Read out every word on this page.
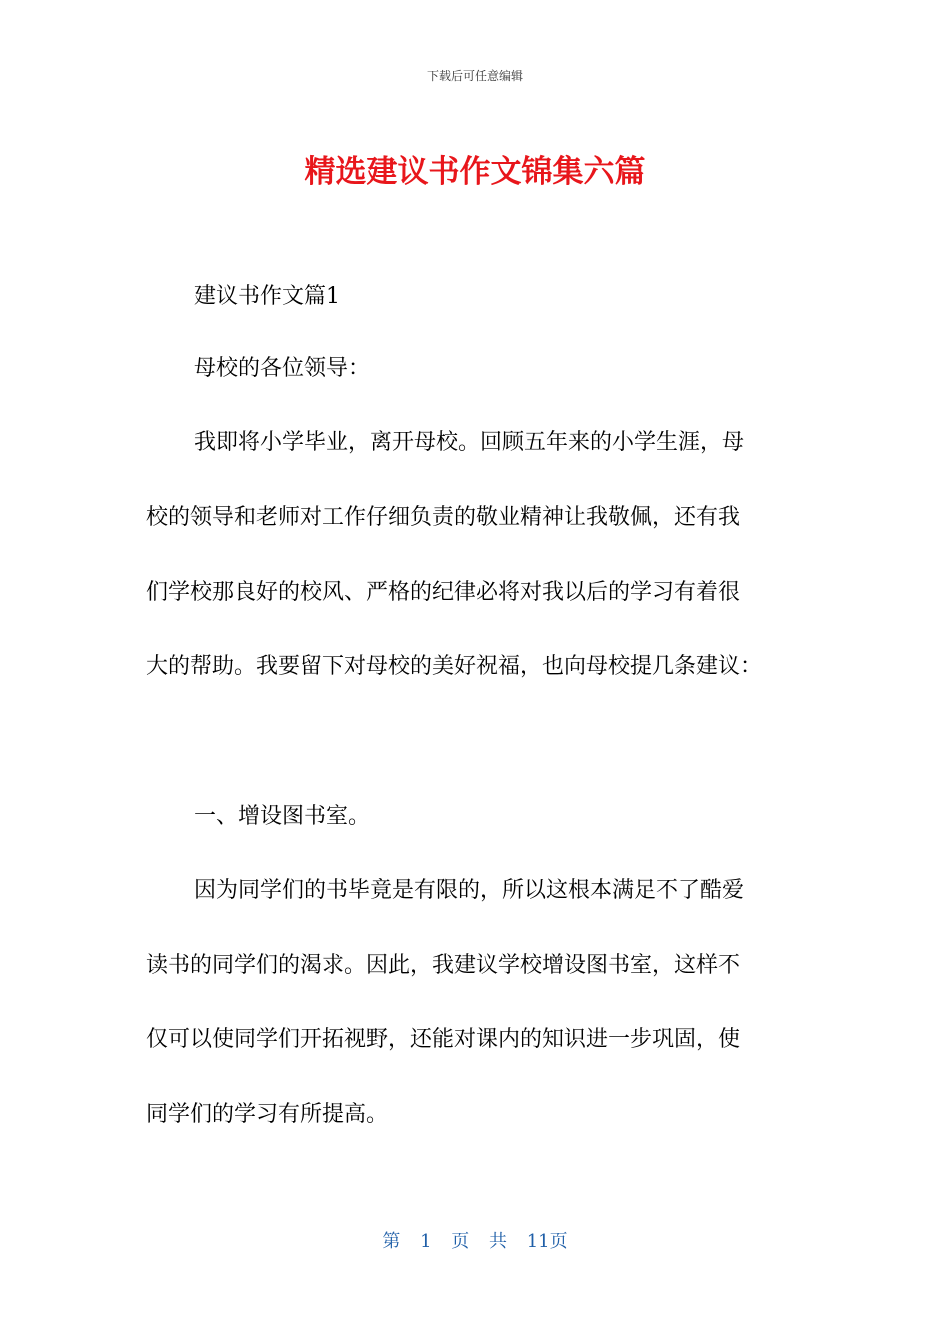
下载后可任意编辑
精选建议书作文锦集六篇
建议书作文篇1
母校的各位领导：
我即将小学毕业，离开母校。回顾五年来的小学生涯，母
校的领导和老师对工作仔细负责的敬业精神让我敬佩，还有我
们学校那良好的校风、严格的纪律必将对我以后的学习有着很
大的帮助。我要留下对母校的美好祝福，也向母校提几条建议：
一、增设图书室。
因为同学们的书毕竟是有限的，所以这根本满足不了酷爱
读书的同学们的渴求。因此，我建议学校增设图书室，这样不
仅可以使同学们开拓视野，还能对课内的知识进一步巩固，使
同学们的学习有所提高。
第 1 页 共 11页
